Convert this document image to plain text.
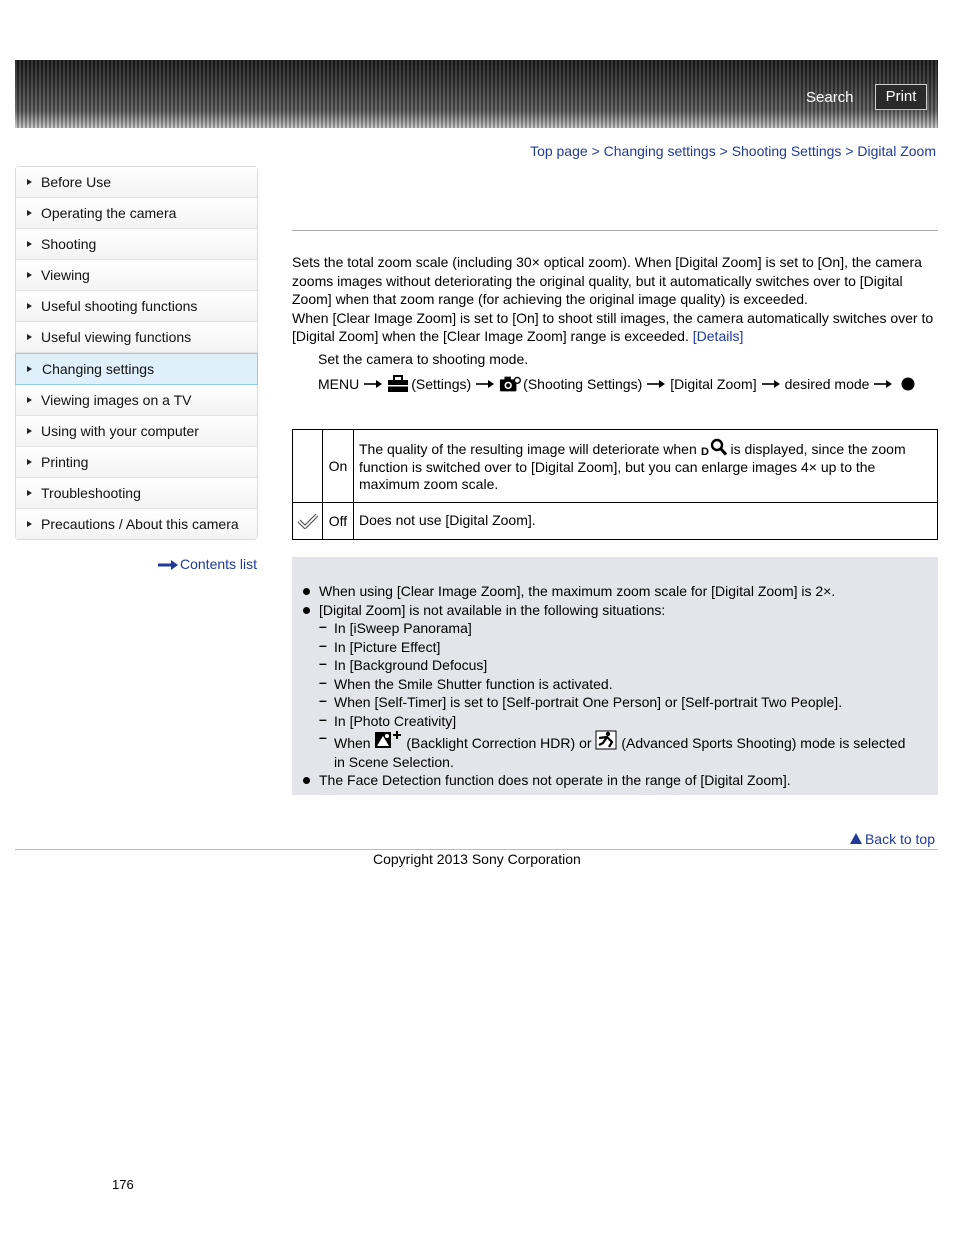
Search	Print
Top page > Changing settings > Shooting Settings > Digital Zoom
Before Use
Operating the camera
Shooting
Viewing
Useful shooting functions
Useful viewing functions
Changing settings
Viewing images on a TV
Using with your computer
Printing
Troubleshooting
Precautions / About this camera
Contents list
Sets the total zoom scale (including 30× optical zoom). When [Digital Zoom] is set to [On], the camera zooms images without deteriorating the original quality, but it automatically switches over to [Digital Zoom] when that zoom range (for achieving the original image quality) is exceeded.
When [Clear Image Zoom] is set to [On] to shoot still images, the camera automatically switches over to [Digital Zoom] when the [Clear Image Zoom] range is exceeded. [Details]
Set the camera to shooting mode.
MENU	(Settings)	(Shooting Settings) [Digital Zoom] desired mode
	On	The quality of the resulting image will deteriorate when D is displayed, since the zoom function is switched over to [Digital Zoom], but you can enlarge images 4× up to the maximum zoom scale.

	Off	Does not use [Digital Zoom].
When using [Clear Image Zoom], the maximum zoom scale for [Digital Zoom] is 2×.
[Digital Zoom] is not available in the following situations:
– In [iSweep Panorama]
– In [Picture Effect]
– In [Background Defocus]
– When the Smile Shutter function is activated.
– When [Self-Timer] is set to [Self-portrait One Person] or [Self-portrait Two People].
– In [Photo Creativity]
– When	(Backlight Correction HDR) or (Advanced Sports Shooting) mode is selected in Scene Selection.
The Face Detection function does not operate in the range of [Digital Zoom].
Back to top
Copyright 2013 Sony Corporation
176
